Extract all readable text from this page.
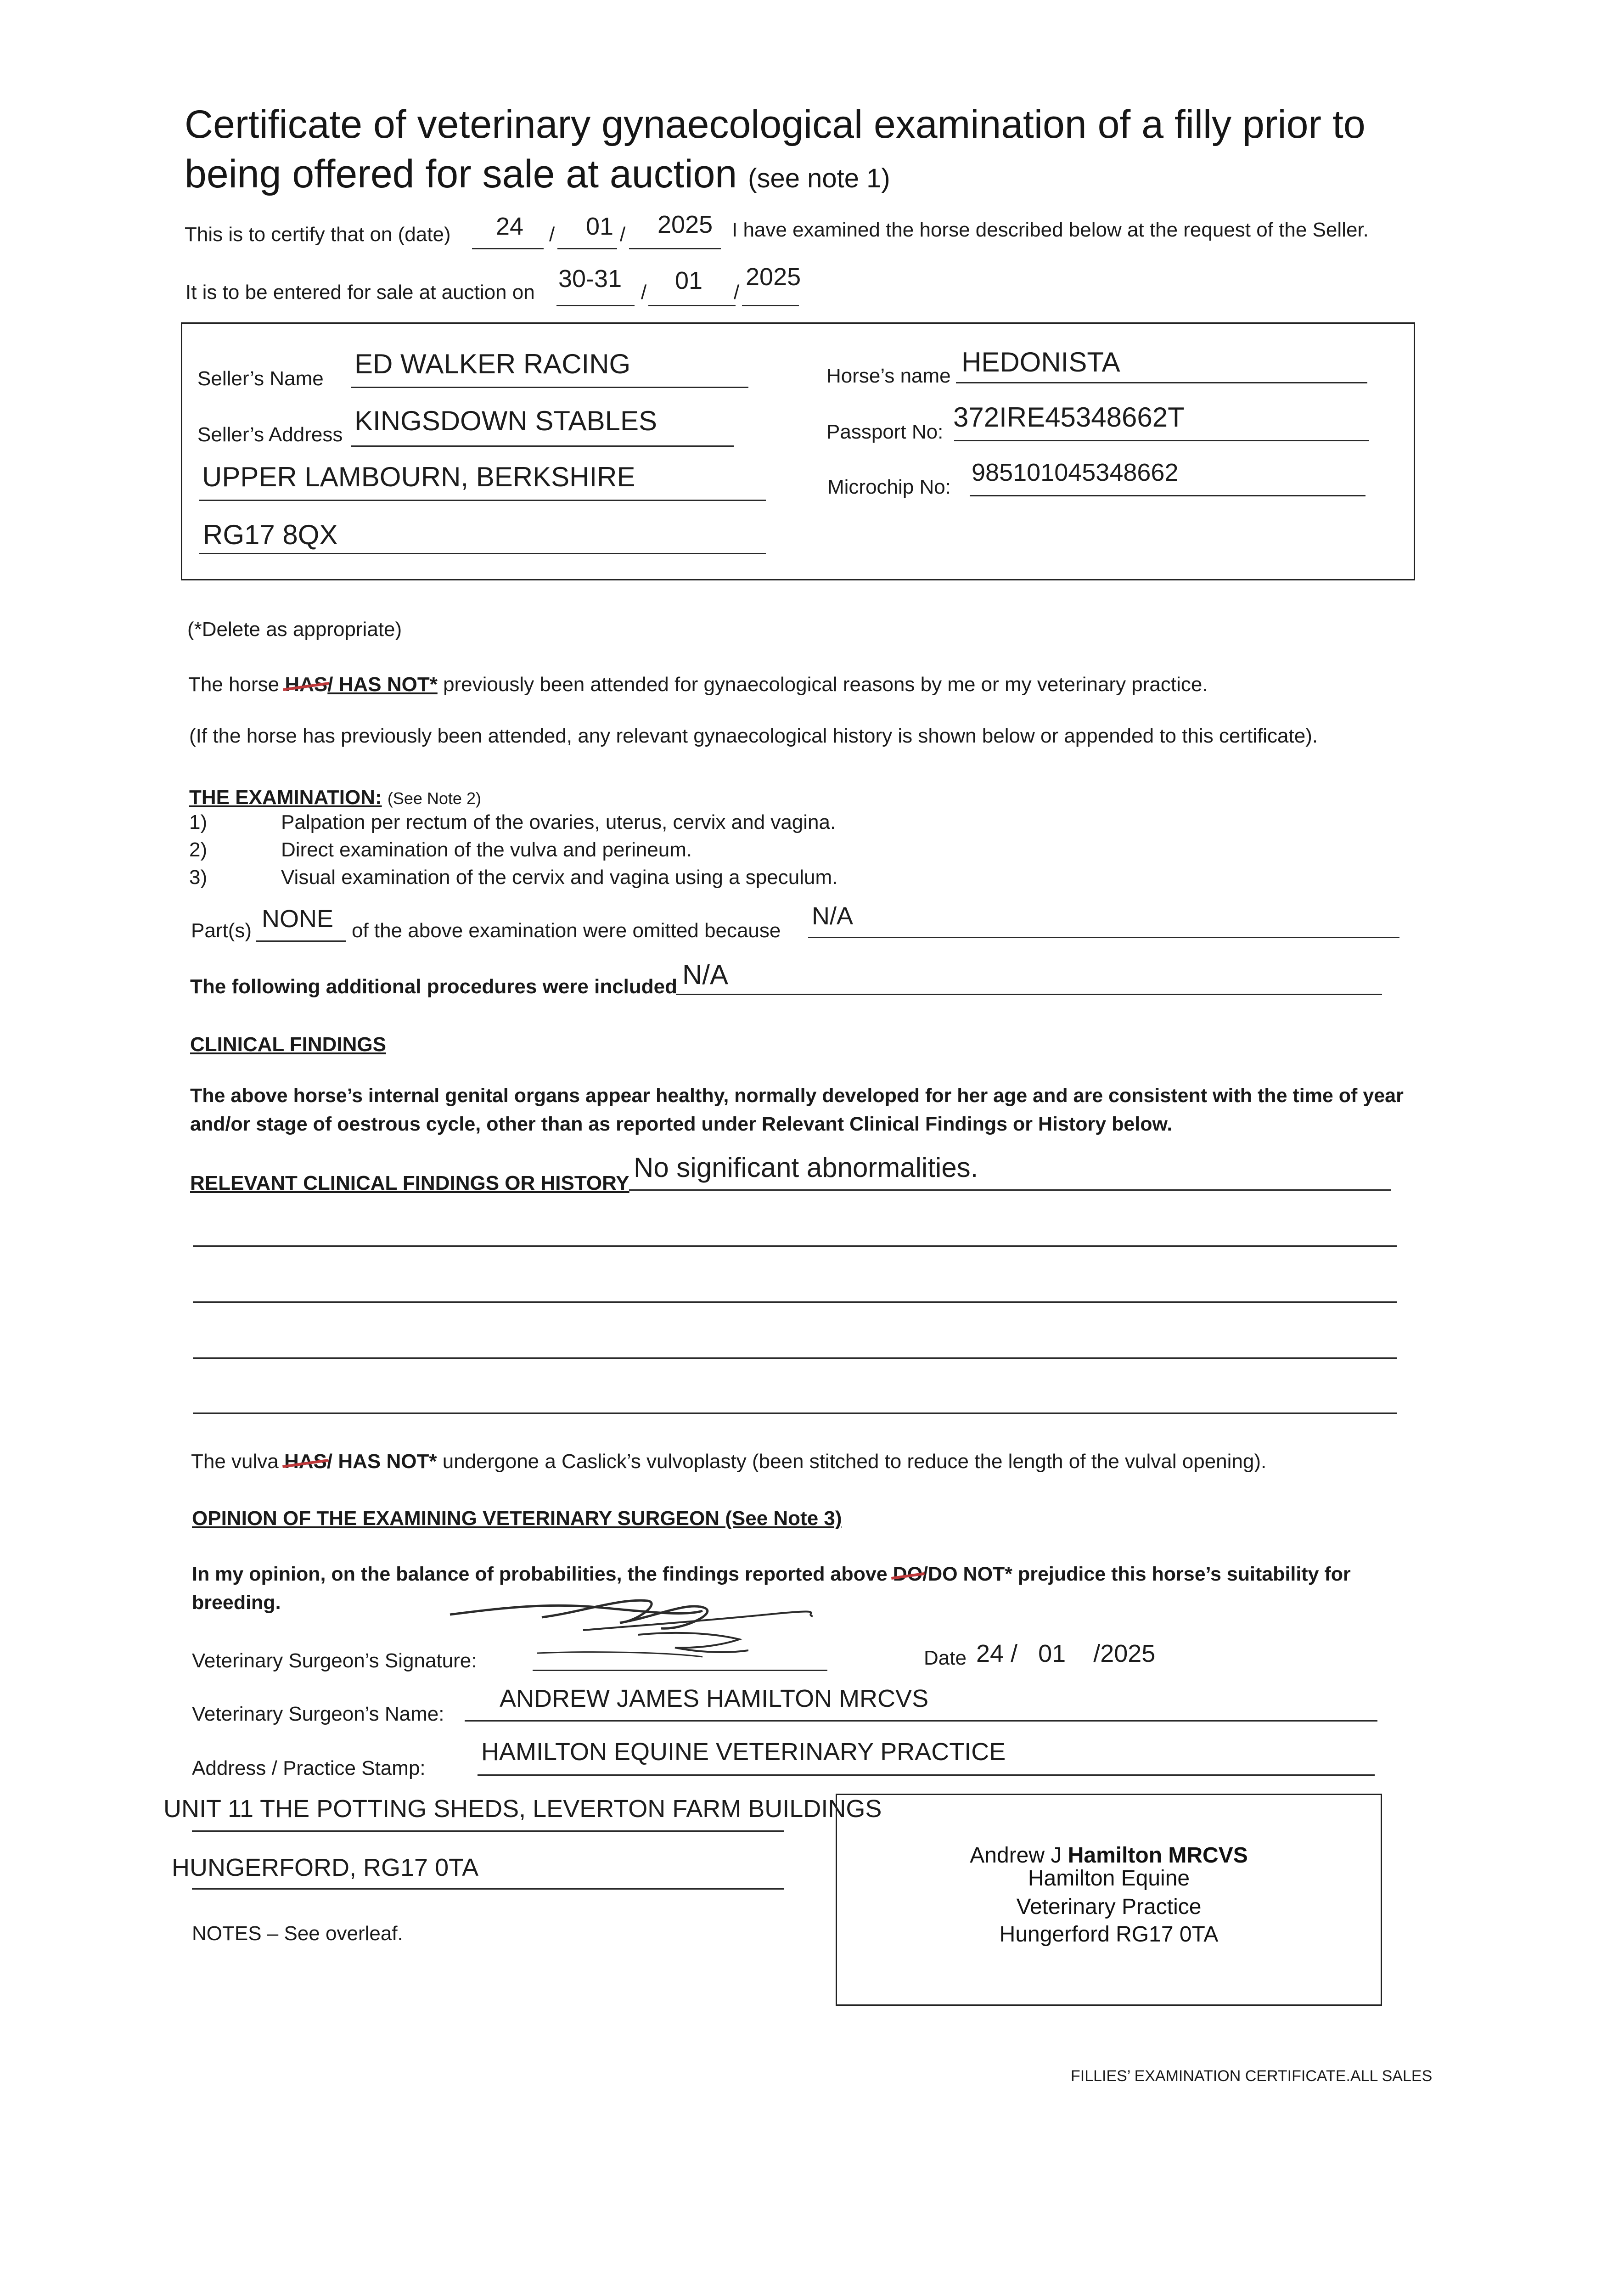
Certificate of veterinary gynaecological examination of a filly prior to
being offered for sale at auction (see note 1)
This is to certify that on (date) 24 / 01 / 2025 I have examined the horse described below at the request of the Seller.
It is to be entered for sale at auction on 30-31 / 01 /
2025
Seller’s Name ED WALKER RACING
Seller’s Address KINGSDOWN STABLES
UPPER LAMBOURN, BERKSHIRE
RG17 8QX
Horse’s name HEDONISTA
Passport No: 372IRE45348662T
Microchip No:
985101045348662
(*Delete as appropriate)
The horse HAS/ HAS NOT* previously been attended for gynaecological reasons by me or my veterinary practice.
(If the horse has previously been attended, any relevant gynaecological history is shown below or appended to this certificate).
THE EXAMINATION: (See Note 2)
1)	Palpation per rectum of the ovaries, uterus, cervix and vagina.
2)	Direct examination of the vulva and perineum.
3)	Visual examination of the cervix and vagina using a speculum.
Part(s) NONE of the above examination were omitted because
N/A
The following additional procedures were included N/A
CLINICAL FINDINGS
The above horse’s internal genital organs appear healthy, normally developed for her age and are consistent with the time of year
and/or stage of oestrous cycle, other than as reported under Relevant Clinical Findings or History below.
RELEVANT CLINICAL FINDINGS OR HISTORY
No significant abnormalities.
The vulva HAS/ HAS NOT* undergone a Caslick’s vulvoplasty (been stitched to reduce the length of the vulval opening).
OPINION OF THE EXAMINING VETERINARY SURGEON (See Note 3)
In my opinion, on the balance of probabilities, the findings reported above DO/DO NOT* prejudice this horse’s suitability for
breeding.
Veterinary Surgeon’s Signature:	Date 24 / 01 /2025
Veterinary Surgeon’s Name:
ANDREW JAMES HAMILTON MRCVS
Address / Practice Stamp:
HAMILTON EQUINE VETERINARY PRACTICE
UNIT 11 THE POTTING SHEDS, LEVERTON FARM BUILDINGS
HUNGERFORD, RG17 0TA	Andrew J Hamilton MRCVS
Hamilton Equine
Veterinary Practice
Hungerford RG17 0TA
NOTES – See overleaf.
FILLIES’ EXAMINATION CERTIFICATE.ALL SALES
